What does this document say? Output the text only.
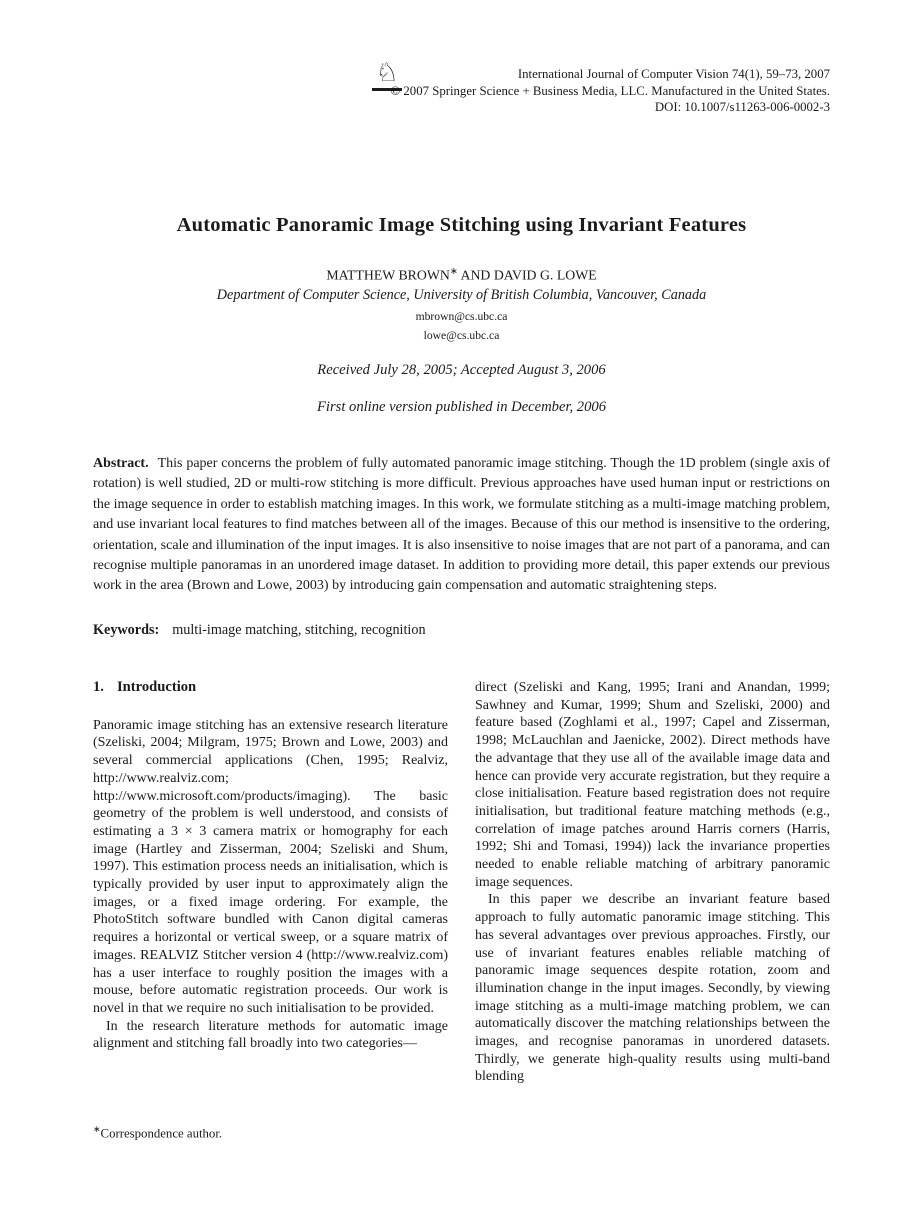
♘	International Journal of Computer Vision 74(1), 59–73, 2007
© 2007 Springer Science + Business Media, LLC. Manufactured in the United States.
DOI: 10.1007/s11263-006-0002-3
Automatic Panoramic Image Stitching using Invariant Features
MATTHEW BROWN∗ AND DAVID G. LOWE
Department of Computer Science, University of British Columbia, Vancouver, Canada
mbrown@cs.ubc.ca
lowe@cs.ubc.ca
Received July 28, 2005; Accepted August 3, 2006
First online version published in December, 2006
Abstract. This paper concerns the problem of fully automated panoramic image stitching. Though the 1D problem (single axis of rotation) is well studied, 2D or multi-row stitching is more difficult. Previous approaches have used human input or restrictions on the image sequence in order to establish matching images. In this work, we formulate stitching as a multi-image matching problem, and use invariant local features to find matches between all of the images. Because of this our method is insensitive to the ordering, orientation, scale and illumination of the input images. It is also insensitive to noise images that are not part of a panorama, and can recognise multiple panoramas in an unordered image dataset. In addition to providing more detail, this paper extends our previous work in the area (Brown and Lowe, 2003) by introducing gain compensation and automatic straightening steps.
Keywords: multi-image matching, stitching, recognition
1. Introduction

Panoramic image stitching has an extensive research literature (Szeliski, 2004; Milgram, 1975; Brown and Lowe, 2003) and several commercial applications (Chen, 1995; Realviz, http://www.realviz.com; http://www.microsoft.com/products/imaging). The basic geometry of the problem is well understood, and consists of estimating a 3 × 3 camera matrix or homography for each image (Hartley and Zisserman, 2004; Szeliski and Shum, 1997). This estimation process needs an initialisation, which is typically provided by user input to approximately align the images, or a fixed image ordering. For example, the PhotoStitch software bundled with Canon digital cameras requires a horizontal or vertical sweep, or a square matrix of images. REALVIZ Stitcher version 4 (http://www.realviz.com) has a user interface to roughly position the images with a mouse, before automatic registration proceeds. Our work is novel in that we require no such initialisation to be provided.

In the research literature methods for automatic image alignment and stitching fall broadly into two categories—

direct (Szeliski and Kang, 1995; Irani and Anandan, 1999; Sawhney and Kumar, 1999; Shum and Szeliski, 2000) and feature based (Zoghlami et al., 1997; Capel and Zisserman, 1998; McLauchlan and Jaenicke, 2002). Direct methods have the advantage that they use all of the available image data and hence can provide very accurate registration, but they require a close initialisation. Feature based registration does not require initialisation, but traditional feature matching methods (e.g., correlation of image patches around Harris corners (Harris, 1992; Shi and Tomasi, 1994)) lack the invariance properties needed to enable reliable matching of arbitrary panoramic image sequences.

In this paper we describe an invariant feature based approach to fully automatic panoramic image stitching. This has several advantages over previous approaches. Firstly, our use of invariant features enables reliable matching of panoramic image sequences despite rotation, zoom and illumination change in the input images. Secondly, by viewing image stitching as a multi-image matching problem, we can automatically discover the matching relationships between the images, and recognise panoramas in unordered datasets. Thirdly, we generate high-quality results using multi-band blending

∗Correspondence author.
